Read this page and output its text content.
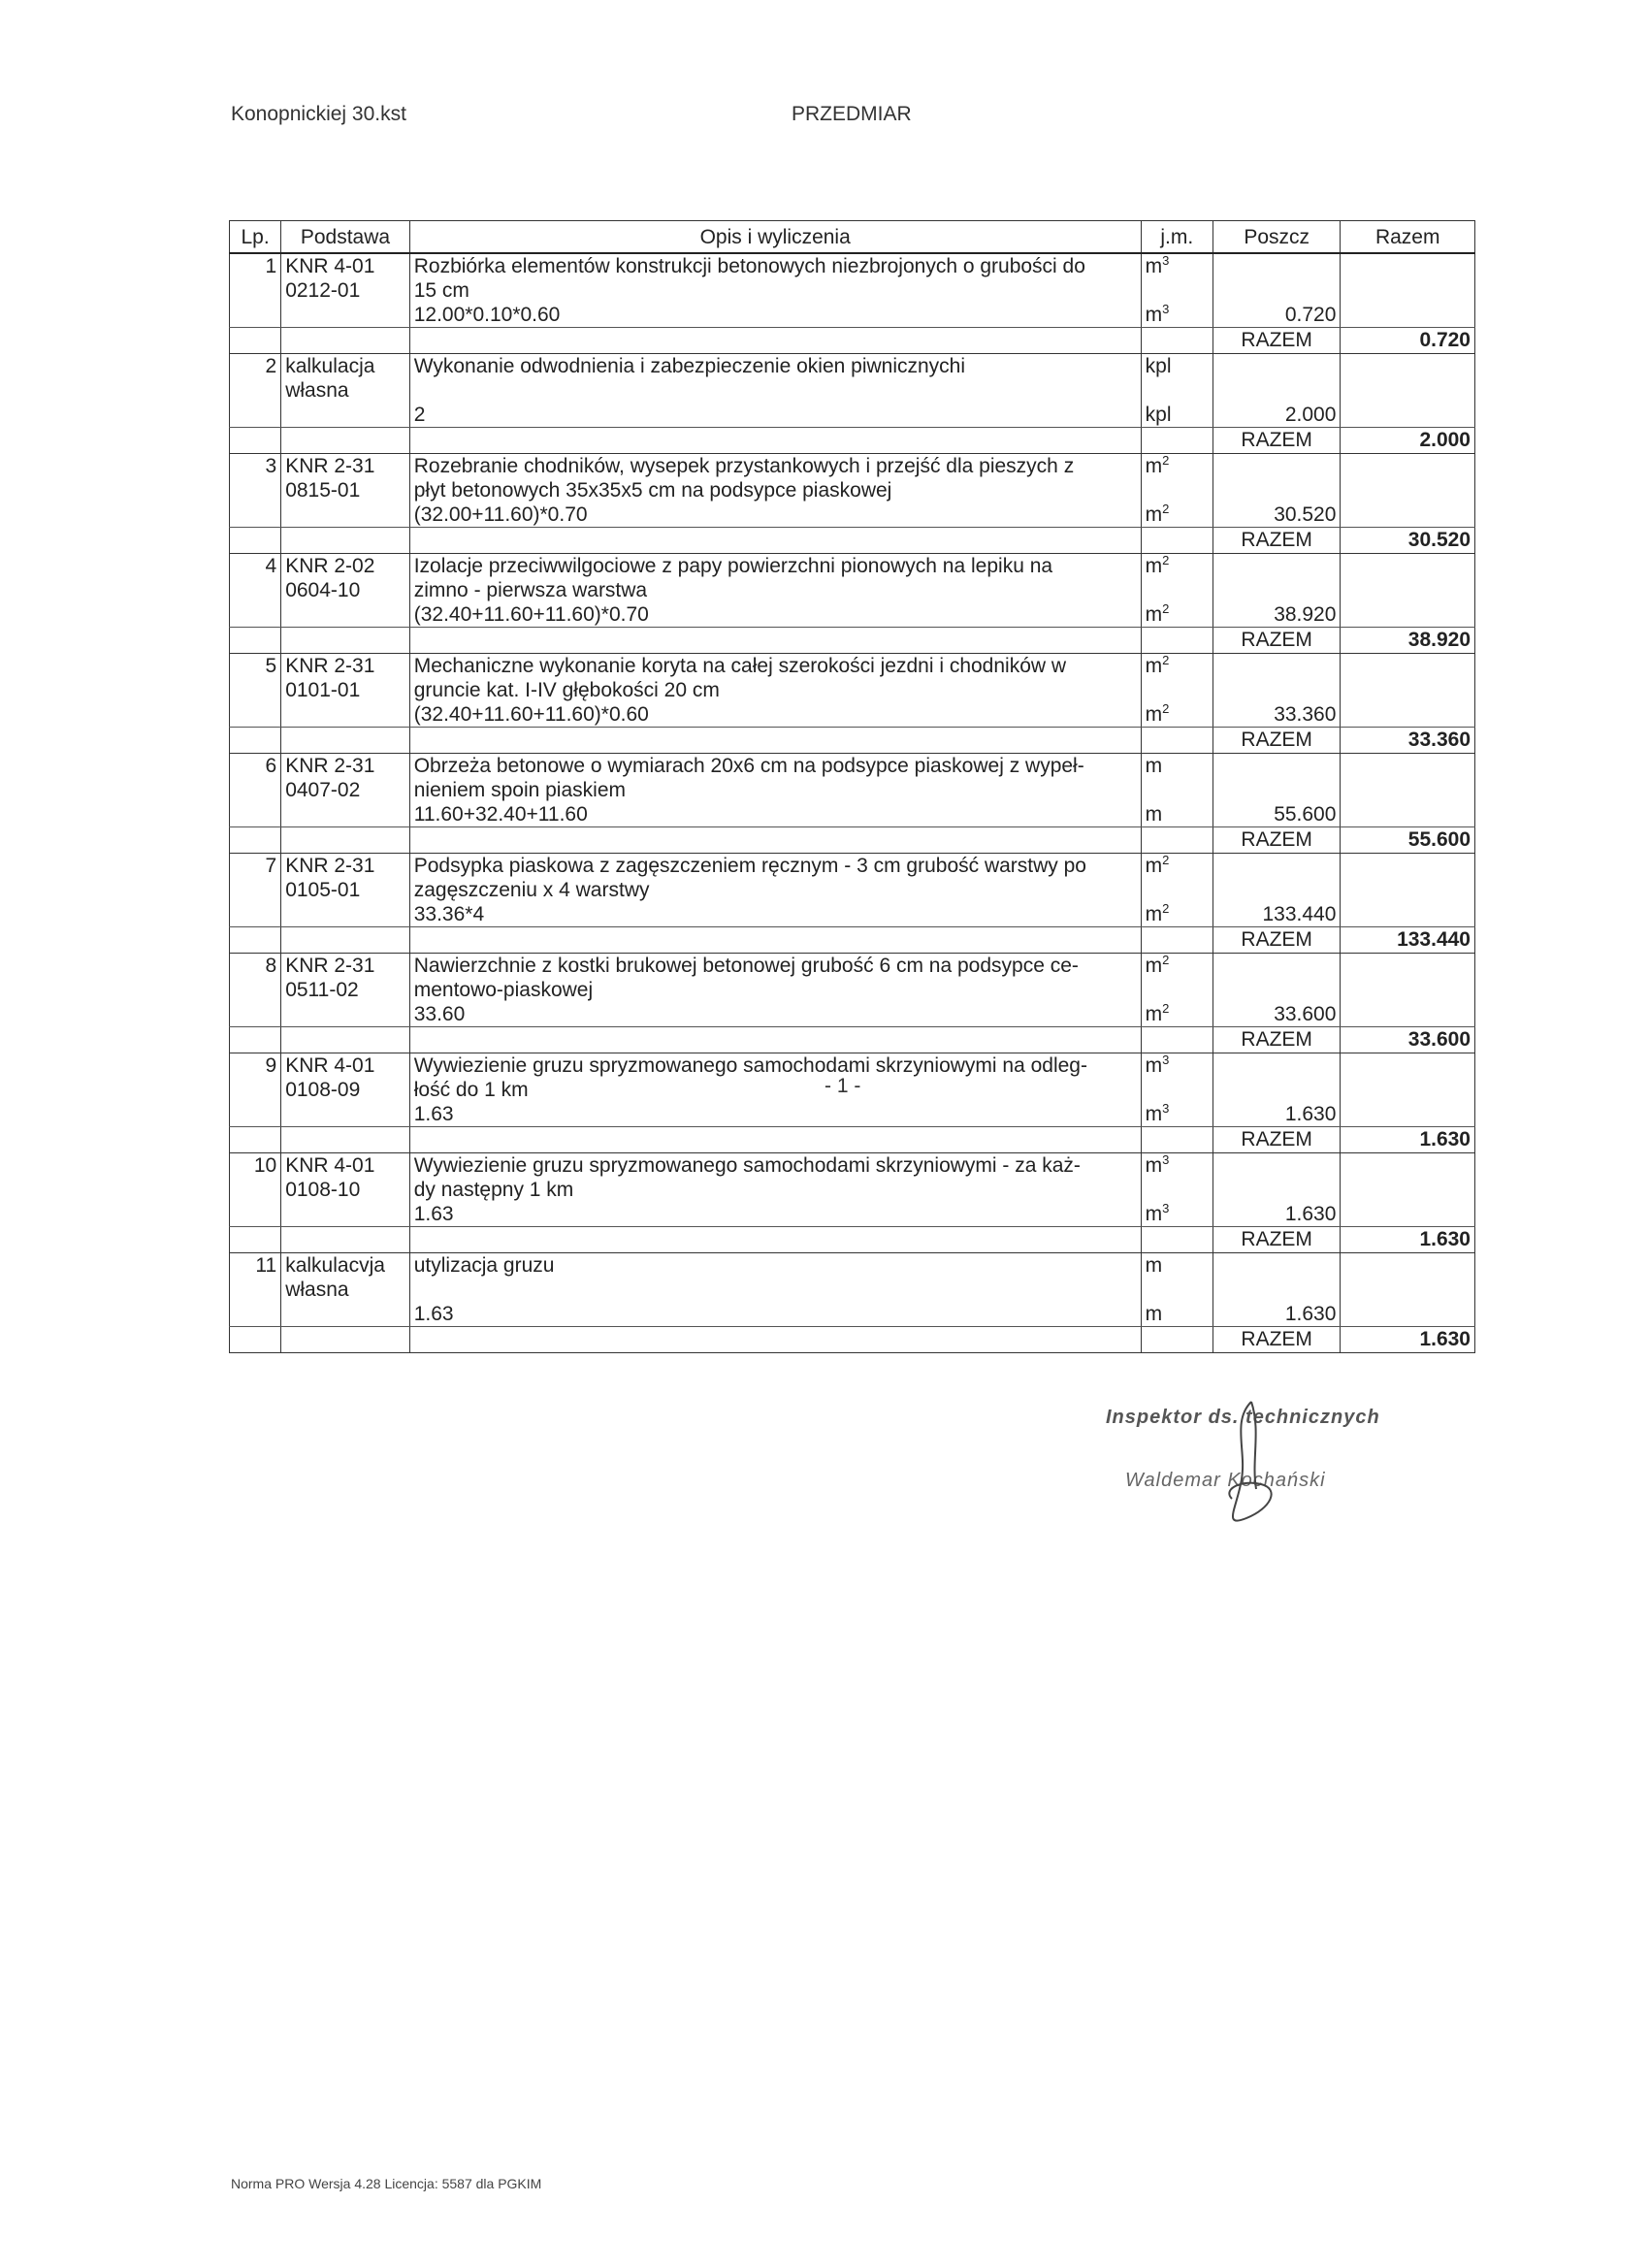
Konopnickiej 30.kst	PRZEDMIAR
Lp.	Podstawa	Opis i wyliczenia	j.m.	Poszcz	Razem
1	KNR 4-01	Rozbiórka elementów konstrukcji betonowych niezbrojonych o grubości do	$m^3$		
	0212-01	15 cm			
		12.00*0.10*0.60	$m^3$	0.720	
				RAZEM	0.720
2	kalkulacja	Wykonanie odwodnienia i zabezpieczenie okien piwnicznychi	kpl		
	własna				
		2	kpl	2.000	
				RAZEM	2.000
3	KNR 2-31	Rozebranie chodników, wysepek przystankowych i przejść dla pieszych z	$m^2$		
	0815-01	płyt betonowych 35x35x5 cm na podsypce piaskowej			
		(32.00+11.60)*0.70	$m^2$	30.520	
				RAZEM	30.520
4	KNR 2-02	Izolacje przeciwwilgociowe z papy powierzchni pionowych na lepiku na	$m^2$		
	0604-10	zimno - pierwsza warstwa			
		(32.40+11.60+11.60)*0.70	$m^2$	38.920	
				RAZEM	38.920
5	KNR 2-31	Mechaniczne wykonanie koryta na całej szerokości jezdni i chodników w	$m^2$		
	0101-01	gruncie kat. I-IV głębokości 20 cm			
		(32.40+11.60+11.60)*0.60	$m^2$	33.360	
				RAZEM	33.360
6	KNR 2-31	Obrzeża betonowe o wymiarach 20x6 cm na podsypce piaskowej z wypeł-	m		
	0407-02	nieniem spoin piaskiem			
		11.60+32.40+11.60	m	55.600	
				RAZEM	55.600
7	KNR 2-31	Podsypka piaskowa z zagęszczeniem ręcznym - 3 cm grubość warstwy po	$m^2$		
	0105-01	zagęszczeniu x 4 warstwy			
		33.36*4	$m^2$	133.440	
				RAZEM	133.440
8	KNR 2-31	Nawierzchnie z kostki brukowej betonowej grubość 6 cm na podsypce ce-	$m^2$		
	0511-02	mentowo-piaskowej			
		33.60	$m^2$	33.600	
				RAZEM	33.600
9	KNR 4-01	Wywiezienie gruzu spryzmowanego samochodami skrzyniowymi na odleg-	$m^3$		
	0108-09	łość do 1 km			
		1.63	$m^3$	1.630	
				RAZEM	1.630
10	KNR 4-01	Wywiezienie gruzu spryzmowanego samochodami skrzyniowymi - za każ-	$m^3$		
	0108-10	dy następny 1 km			
		1.63	$m^3$	1.630	
				RAZEM	1.630
11	kalkulacvja	utylizacja gruzu	m		
	własna				
		1.63	m	1.630	
				RAZEM	1.630
Inspektor ds. technicznych
Waldemar Kochański
- 1 -
Norma PRO Wersja 4.28 Licencja: 5587 dla PGKIM
